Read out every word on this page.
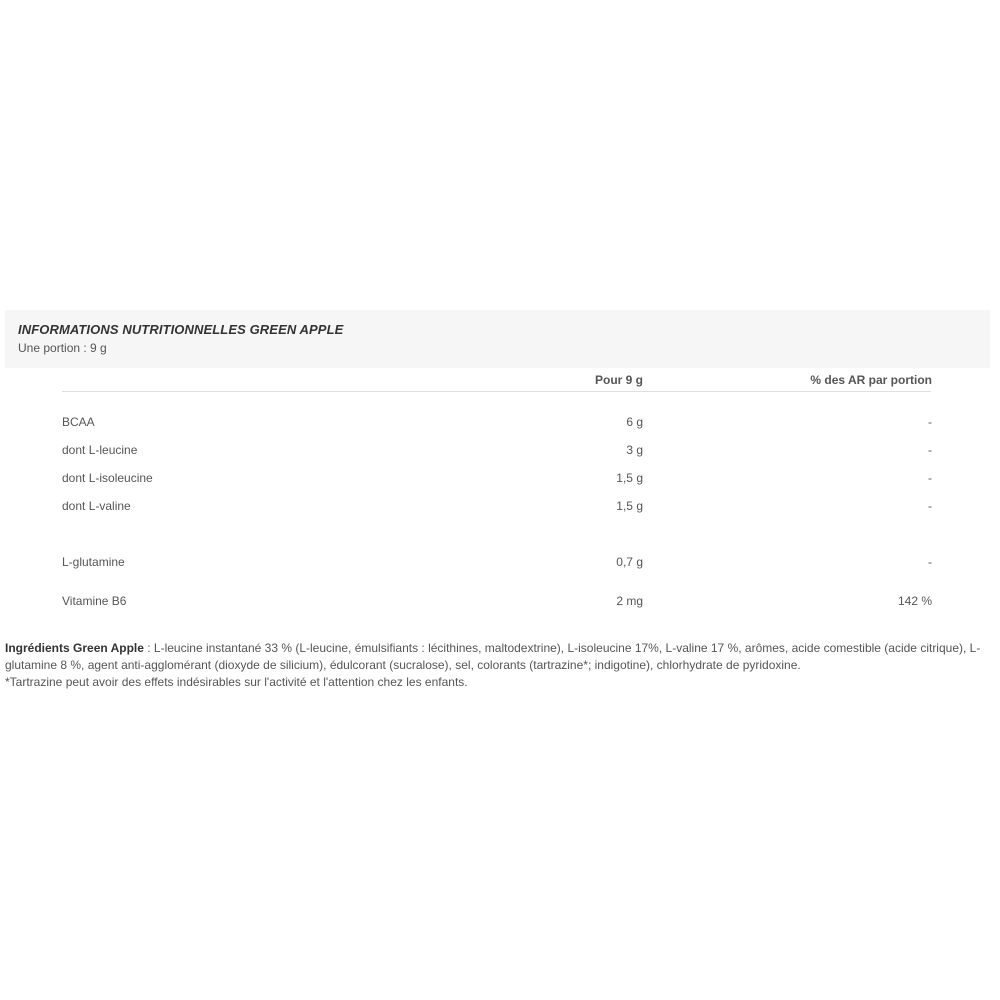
INFORMATIONS NUTRITIONNELLES GREEN APPLE
Une portion : 9 g
Pour 9 g	% des AR par portion
BCAA	6 g	-
dont L-leucine	3 g	-
dont L-isoleucine	1,5 g	-
dont L-valine	1,5 g	-
L-glutamine	0,7 g	-
Vitamine B6	2 mg	142 %
Ingrédients Green Apple : L-leucine instantané 33 % (L-leucine, émulsifiants : lécithines, maltodextrine), L-isoleucine 17%, L-valine 17 %, arômes, acide comestible (acide citrique), L-glutamine 8 %, agent anti-agglomérant (dioxyde de silicium), édulcorant (sucralose), sel, colorants (tartrazine*; indigotine), chlorhydrate de pyridoxine.
*Tartrazine peut avoir des effets indésirables sur l'activité et l'attention chez les enfants.
